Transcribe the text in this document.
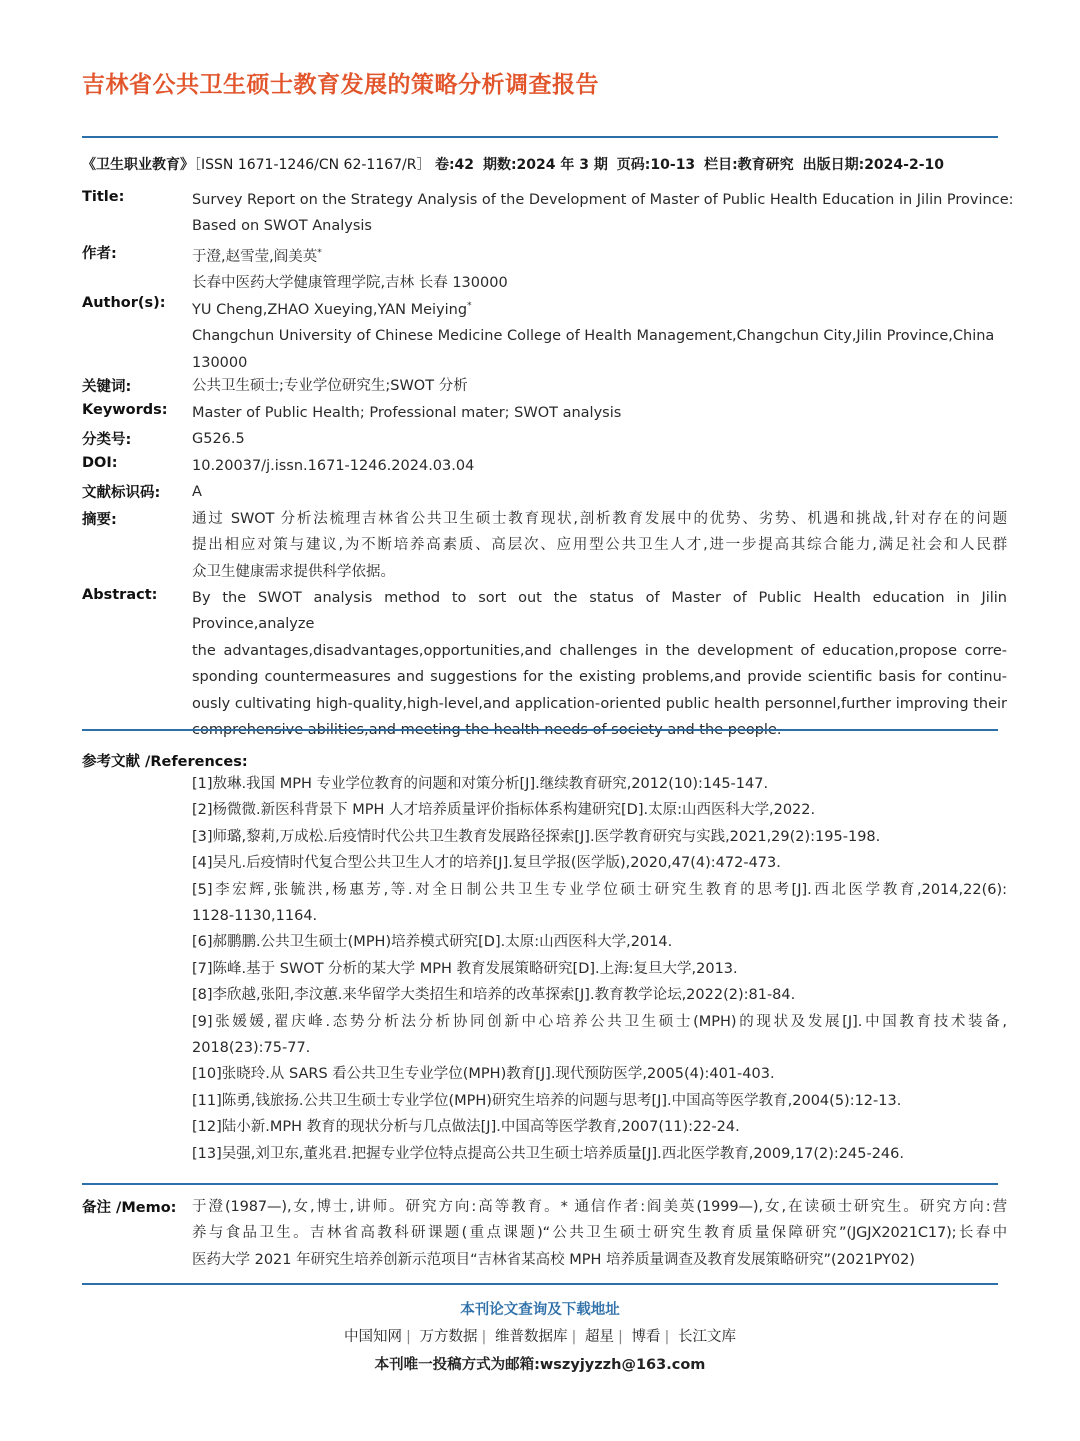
吉林省公共卫生硕士教育发展的策略分析调查报告
《卫生职业教育》［ISSN 1671-1246/CN 62-1167/R］ 卷:42 期数:2024 年 3 期 页码:10-13 栏目:教育研究 出版日期:2024-2-10
Title:	Survey Report on the Strategy Analysis of the Development of Master of Public Health Education in Jilin Province:

Based on SWOT Analysis

作者:	于澄,赵雪莹,阎美英*

长春中医药大学健康管理学院,吉林 长春 130000

Author(s): YU Cheng,ZHAO Xueying,YAN Meiying*

Changchun University of Chinese Medicine College of Health Management,Changchun City,Jilin Province,China

130000

关键词:	公共卫生硕士;专业学位研究生;SWOT 分析

Keywords: Master of Public Health; Professional mater; SWOT analysis

分类号:	G526.5

DOI:	10.20037/j.issn.1671-1246.2024.03.04

文献标识码: A

摘要:	通过 SWOT 分析法梳理吉林省公共卫生硕士教育现状,剖析教育发展中的优势、劣势、机遇和挑战,针对存在的问题

提出相应对策与建议,为不断培养高素质、高层次、应用型公共卫生人才,进一步提高其综合能力,满足社会和人民群

众卫生健康需求提供科学依据。

Abstract: By the SWOT analysis method to sort out the status of Master of Public Health education in Jilin Province,analyze

the advantages,disadvantages,opportunities,and challenges in the development of education,propose corre-

sponding countermeasures and suggestions for the existing problems,and provide scientific basis for continu-

ously cultivating high-quality,high-level,and application-oriented public health personnel,further improving their

参考文献 /References:

[1]敖琳.我国 MPH 专业学位教育的问题和对策分析[J].继续教育研究,2012(10):145-147.

[2]杨微微.新医科背景下 MPH 人才培养质量评价指标体系构建研究[D].太原:山西医科大学,2022.

[3]师璐,黎莉,万成松.后疫情时代公共卫生教育发展路径探索[J].医学教育研究与实践,2021,29(2):195-198.

[4]吴凡.后疫情时代复合型公共卫生人才的培养[J].复旦学报(医学版),2020,47(4):472-473.

[5]李宏辉,张毓洪,杨惠芳,等.对全日制公共卫生专业学位硕士研究生教育的思考[J].西北医学教育,2014,22(6):

1128-1130,1164.

[6]郝鹏鹏.公共卫生硕士(MPH)培养模式研究[D].太原:山西医科大学,2014.

[7]陈峰.基于 SWOT 分析的某大学 MPH 教育发展策略研究[D].上海:复旦大学,2013.

[8]李欣越,张阳,李汶蕙.来华留学大类招生和培养的改革探索[J].教育教学论坛,2022(2):81-84.

[9]张媛媛,翟庆峰.态势分析法分析协同创新中心培养公共卫生硕士(MPH)的现状及发展[J].中国教育技术装备,

2018(23):75-77.

[10]张晓玲.从 SARS 看公共卫生专业学位(MPH)教育[J].现代预防医学,2005(4):401-403.

[11]陈勇,钱旅扬.公共卫生硕士专业学位(MPH)研究生培养的问题与思考[J].中国高等医学教育,2004(5):12-13.

[12]陆小新.MPH 教育的现状分析与几点做法[J].中国高等医学教育,2007(11):22-24.

[13]吴强,刘卫东,董兆君.把握专业学位特点提高公共卫生硕士培养质量[J].西北医学教育,2009,17(2):245-246.

备注 /Memo: 于澄(1987—),女,博士,讲师。研究方向:高等教育。* 通信作者:阎美英(1999—),女,在读硕士研究生。研究方向:营

养与食品卫生。吉林省高教科研课题(重点课题)“公共卫生硕士研究生教育质量保障研究”(JGJX2021C17);长春中

医药大学 2021 年研究生培养创新示范项目“吉林省某高校 MPH 培养质量调查及教育发展策略研究”(2021PY02)

本刊论文查询及下载地址
中国知网 | 万方数据 | 维普数据库 | 超星 | 博看 | 长江文库
本刊唯一投稿方式为邮箱:wszyjyzzh@163.com
